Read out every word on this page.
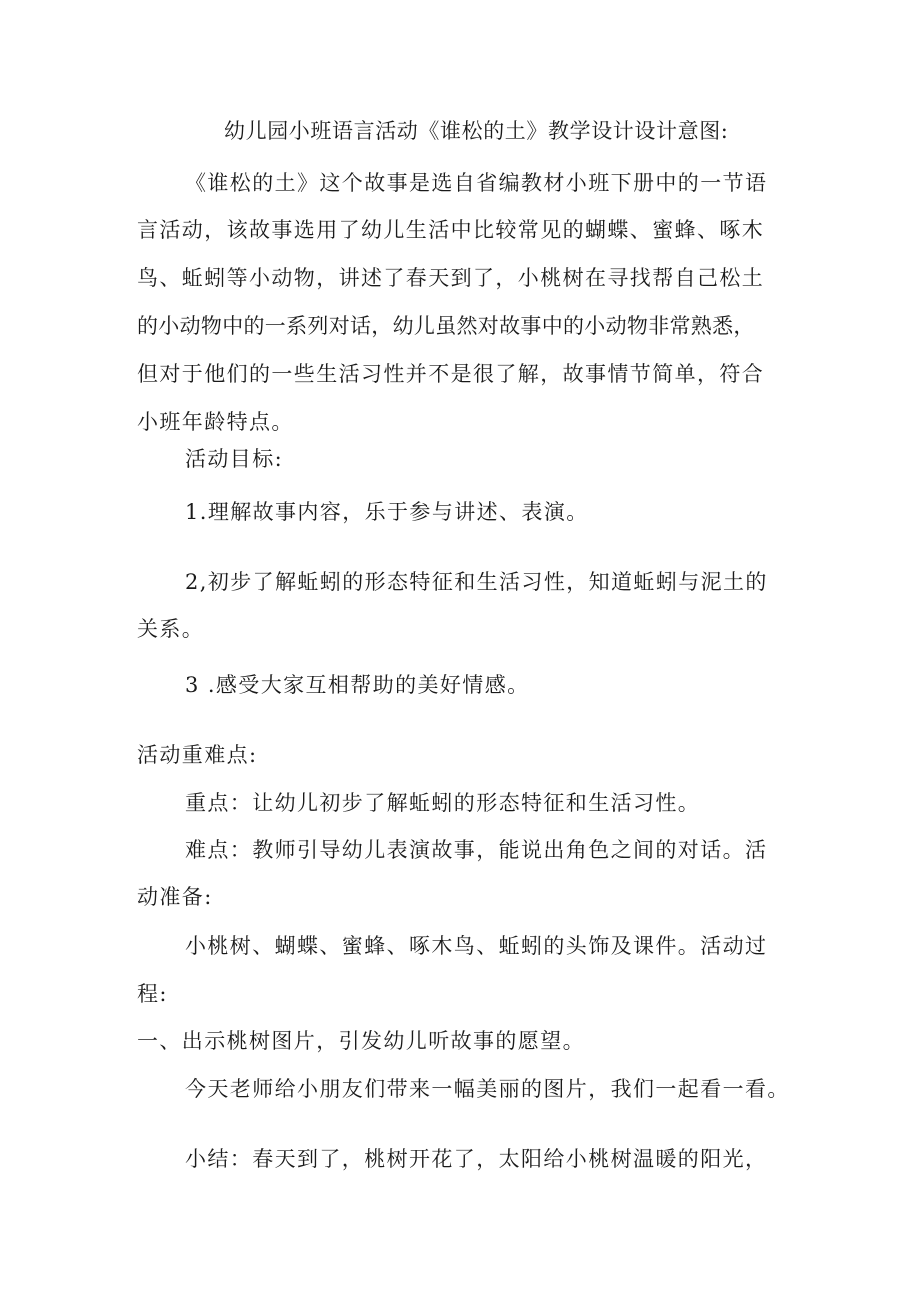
幼儿园小班语言活动《谁松的土》教学设计设计意图:
《谁松的土》这个故事是选自省编教材小班下册中的一节语
言活动，该故事选用了幼儿生活中比较常见的蝴蝶、蜜蜂、啄木
鸟、蚯蚓等小动物，讲述了春天到了，小桃树在寻找帮自己松土
的小动物中的一系列对话，幼儿虽然对故事中的小动物非常熟悉，
但对于他们的一些生活习性并不是很了解，故事情节简单，符合
小班年龄特点。
活动目标:
1.理解故事内容，乐于参与讲述、表演。
2,初步了解蚯蚓的形态特征和生活习性，知道蚯蚓与泥土的
关系。
3 .感受大家互相帮助的美好情感。
活动重难点:
重点：让幼儿初步了解蚯蚓的形态特征和生活习性。
难点：教师引导幼儿表演故事，能说出角色之间的对话。活
动准备:
小桃树、蝴蝶、蜜蜂、啄木鸟、蚯蚓的头饰及课件。活动过
程:
一、出示桃树图片，引发幼儿听故事的愿望。
今天老师给小朋友们带来一幅美丽的图片，我们一起看一看。
小结：春天到了，桃树开花了，太阳给小桃树温暖的阳光，
